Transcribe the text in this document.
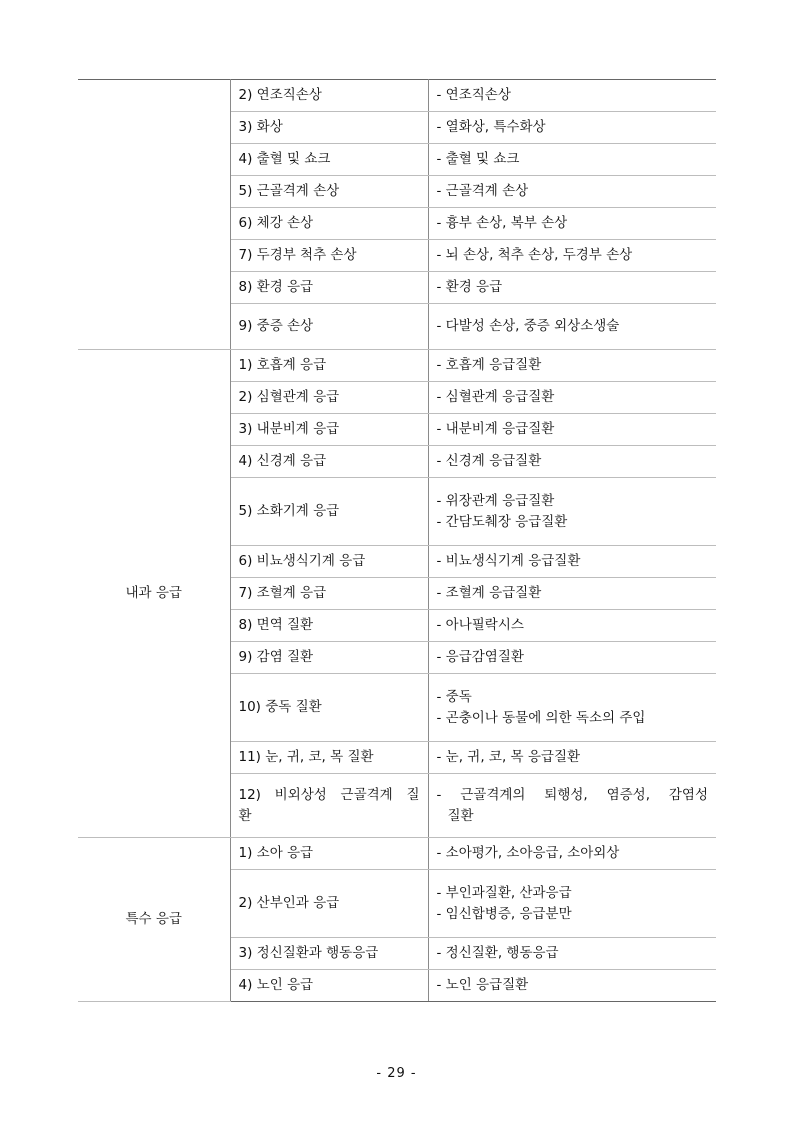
	2) 연조직손상	- 연조직손상
	3) 화상	- 열화상, 특수화상
	4) 출혈 및 쇼크	- 출혈 및 쇼크
	5) 근골격계 손상	- 근골격계 손상
	6) 체강 손상	- 흉부 손상, 복부 손상
	7) 두경부 척추 손상	- 뇌 손상, 척추 손상, 두경부 손상
	8) 환경 응급	- 환경 응급
	9) 중증 손상	- 다발성 손상, 중증 외상소생술
내과 응급	1) 호흡계 응급	- 호흡계 응급질환
	2) 심혈관계 응급	- 심혈관계 응급질환
	3) 내분비계 응급	- 내분비계 응급질환
	4) 신경계 응급	- 신경계 응급질환
	5) 소화기계 응급	- 위장관계 응급질환
- 간담도췌장 응급질환

	6) 비뇨생식기계 응급	- 비뇨생식기계 응급질환
	7) 조혈계 응급	- 조혈계 응급질환
	8) 면역 질환	- 아나필락시스
	9) 감염 질환	- 응급감염질환
	10) 중독 질환	- 중독
- 곤충이나 동물에 의한 독소의 주입

	11) 눈, 귀, 코, 목 질환	- 눈, 귀, 코, 목 응급질환

	12) 비외상성 근골격계 질
환	- 근골격계의 퇴행성, 염증성, 감염성
질환

특수 응급	1) 소아 응급	- 소아평가, 소아응급, 소아외상
	2) 산부인과 응급	- 부인과질환, 산과응급
- 임신합병증, 응급분만

	3) 정신질환과 행동응급	- 정신질환, 행동응급
	4) 노인 응급	- 노인 응급질환
- 29 -
